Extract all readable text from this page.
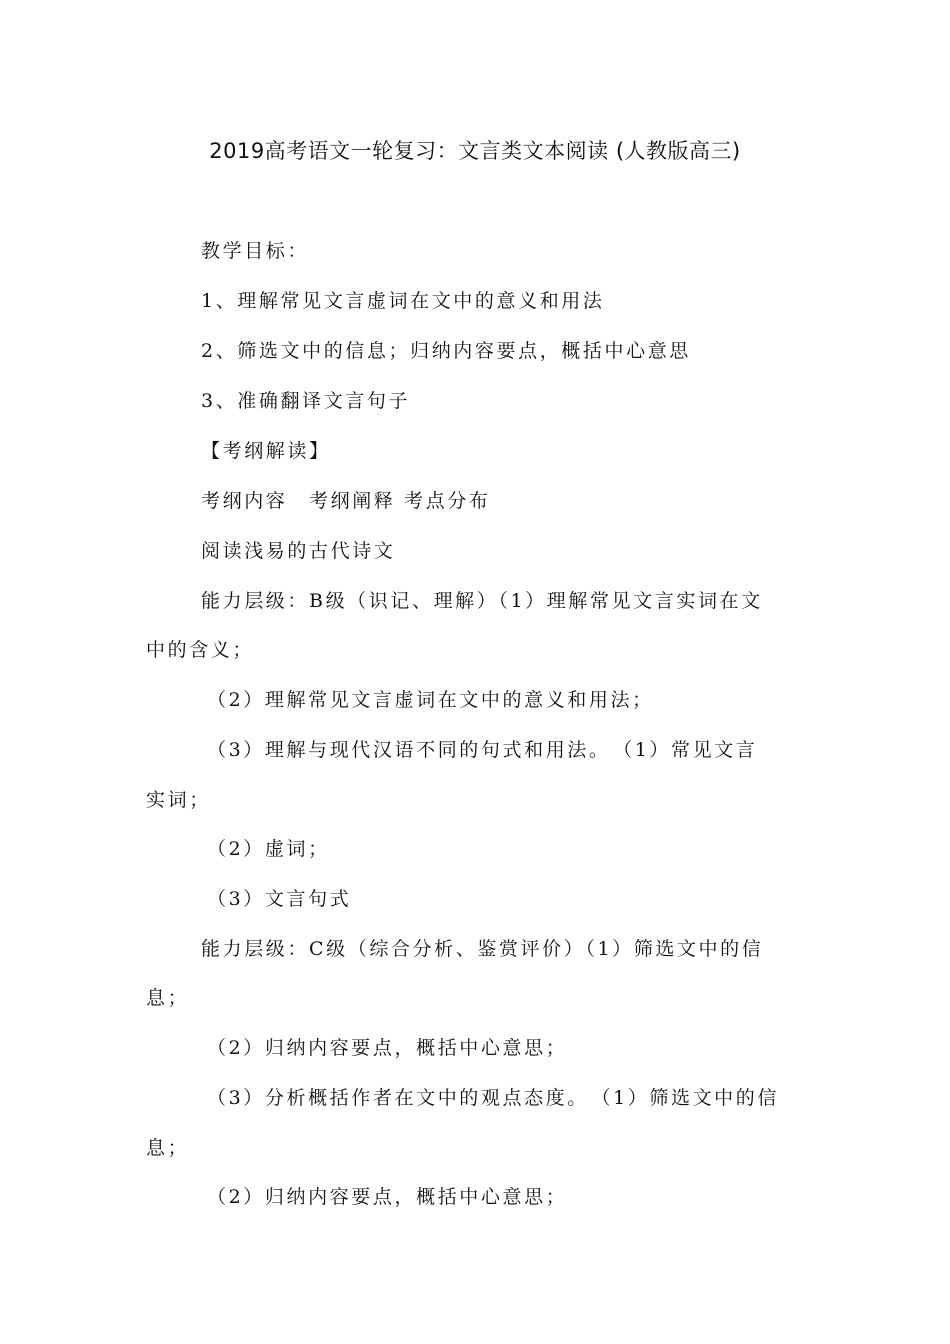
2019高考语文一轮复习：文言类文本阅读 (人教版高三)
教学目标：
1、理解常见文言虚词在文中的意义和用法
2、筛选文中的信息；归纳内容要点，概括中心意思
3、准确翻译文言句子
【考纲解读】
考纲内容　考纲阐释 考点分布
阅读浅易的古代诗文
能力层级：B级（识记、理解）（1）理解常见文言实词在文
中的含义；
（2）理解常见文言虚词在文中的意义和用法；
（3）理解与现代汉语不同的句式和用法。　（1）常见文言
实词；
（2）虚词；
（3）文言句式
能力层级：C级（综合分析、鉴赏评价）（1）筛选文中的信
息；
（2）归纳内容要点，概括中心意思；
（3）分析概括作者在文中的观点态度。　（1）筛选文中的信
息；
（2）归纳内容要点，概括中心意思；
